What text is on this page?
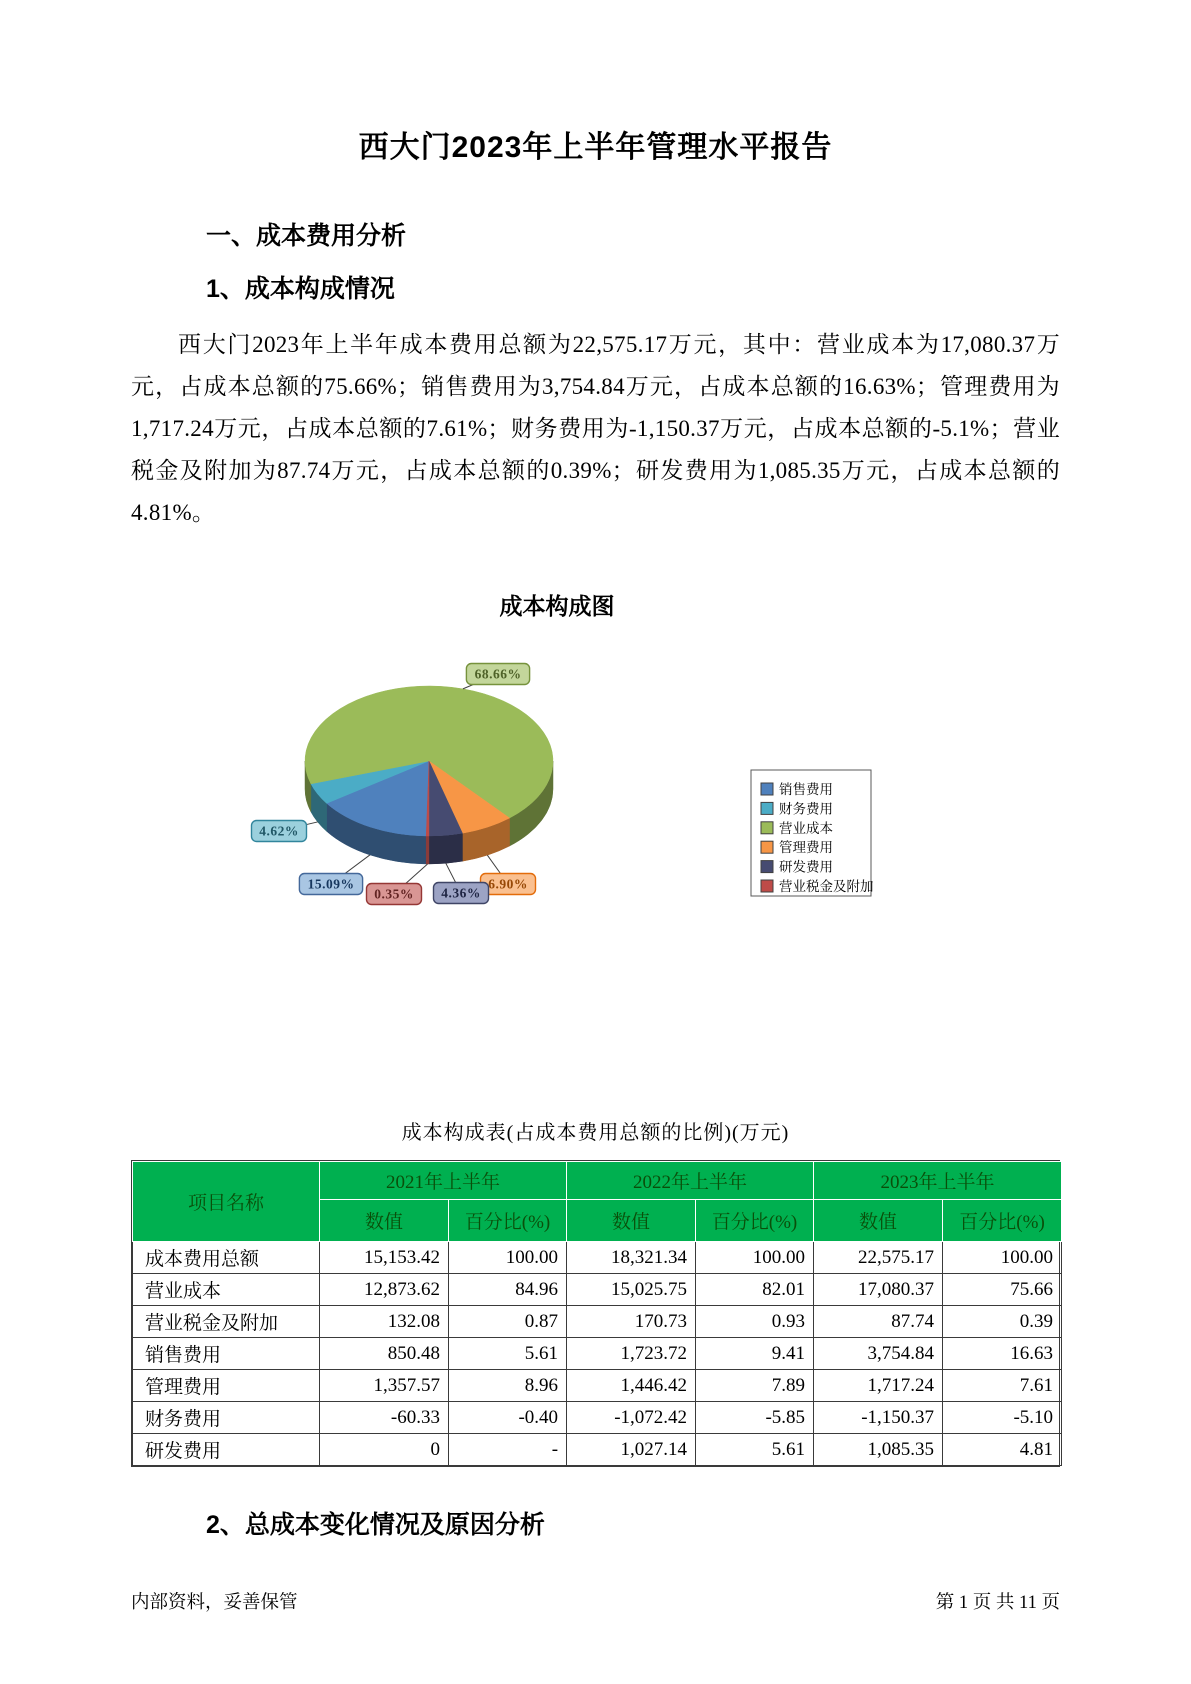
西大门2023年上半年管理水平报告
一、成本费用分析
1、成本构成情况

西大门2023年上半年成本费用总额为22,575.17万元，其中：营业成本为17,080.37万元，占成本总额的75.66%；销售费用为3,754.84万元，占成本总额的16.63%；管理费用为1,717.24万元，占成本总额的7.61%；财务费用为-1,150.37万元，占成本总额的-5.1%；营业税金及附加为87.74万元，占成本总额的0.39%；研发费用为1,085.35万元，占成本总额的4.81%。

成本构成图
15.09%
4.62%
68.66%
6.90%
4.36%
0.35%
销售费用
财务费用
营业成本
管理费用
研发费用
营业税金及附加
成本构成表(占成本费用总额的比例)(万元)
项目名称	2021年上半年		2022年上半年		2023年上半年	
	数值	百分比(%)	数值	百分比(%)	数值	百分比(%)
成本费用总额	15,153.42	100.00	18,321.34	100.00	22,575.17	100.00
营业成本	12,873.62	84.96	15,025.75	82.01	17,080.37	75.66
营业税金及附加	132.08	0.87	170.73	0.93	87.74	0.39
销售费用	850.48	5.61	1,723.72	9.41	3,754.84	16.63
管理费用	1,357.57	8.96	1,446.42	7.89	1,717.24	7.61
财务费用	-60.33	-0.40	-1,072.42	-5.85	-1,150.37	-5.10
研发费用	0	-	1,027.14	5.61	1,085.35	4.81
2、总成本变化情况及原因分析
内部资料，妥善保管	第 1 页 共 11 页
